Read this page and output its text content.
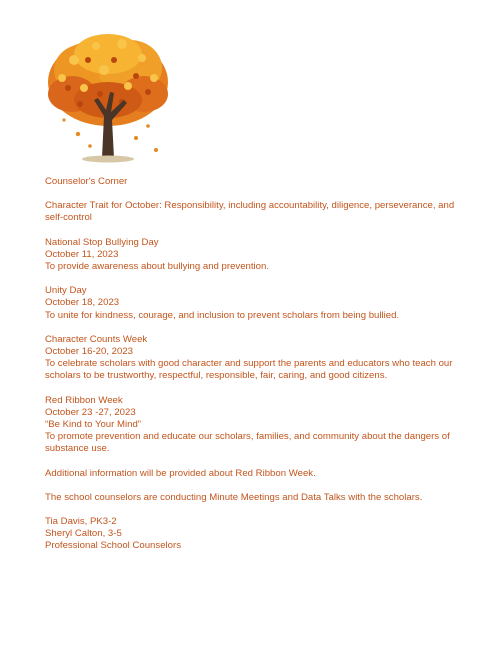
Counselor's Corner
Character Trait for October: Responsibility, including accountability, diligence, perseverance, and self-control
National Stop Bullying Day
October 11, 2023
To provide awareness about bullying and prevention.
Unity Day
October 18, 2023
To unite for kindness, courage, and inclusion to prevent scholars from being bullied.
Character Counts Week
October 16-20, 2023
To celebrate scholars with good character and support the parents and educators who teach our scholars to be trustworthy, respectful, responsible, fair, caring, and good citizens.
Red Ribbon Week
October 23 -27, 2023
“Be Kind to Your Mind”
To promote prevention and educate our scholars, families, and community about the dangers of substance use.
Additional information will be provided about Red Ribbon Week.
The school counselors are conducting Minute Meetings and Data Talks with the scholars.
Tia Davis, PK3-2
Sheryl Calton, 3-5
Professional School Counselors
